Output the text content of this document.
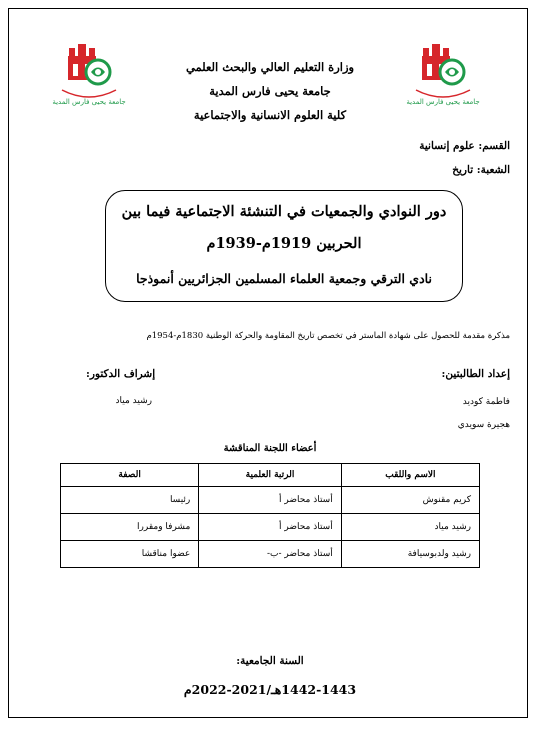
جامعة يحيى فارس المدية	جامعة يحيى فارس المدية
وزارة التعليم العالي والبحث العلمي
جامعة يحيى فارس المدية
كلية العلوم الانسانية والاجتماعية
القسم: علوم إنسانية
الشعبة: تاريخ
دور النوادي والجمعيات في التنشئة الاجتماعية فيما بين
الحربين 1919م-1939م
نادي الترقي وجمعية العلماء المسلمين الجزائريين أنموذجا
مذكرة مقدمة للحصول على شهادة الماستر في تخصص تاريخ المقاومة والحركة الوطنية 1830م-1954م
إعداد الطالبتين:
فاطمة كوديد
هجيرة سويدي
إشراف الدكتور:
رشيد مياد
أعضاء اللجنة المناقشة
الاسم واللقب	الرتبة العلمية	الصفة
كريم مقنوش	أستاذ محاضر أ	رئيسا
رشيد مياد	أستاذ محاضر أ	مشرفا ومقررا
رشيد ولدبوسيافة	أستاذ محاضر -ب-	عضوا مناقشا
السنة الجامعية:
1442-1443هـ/2021-2022م
